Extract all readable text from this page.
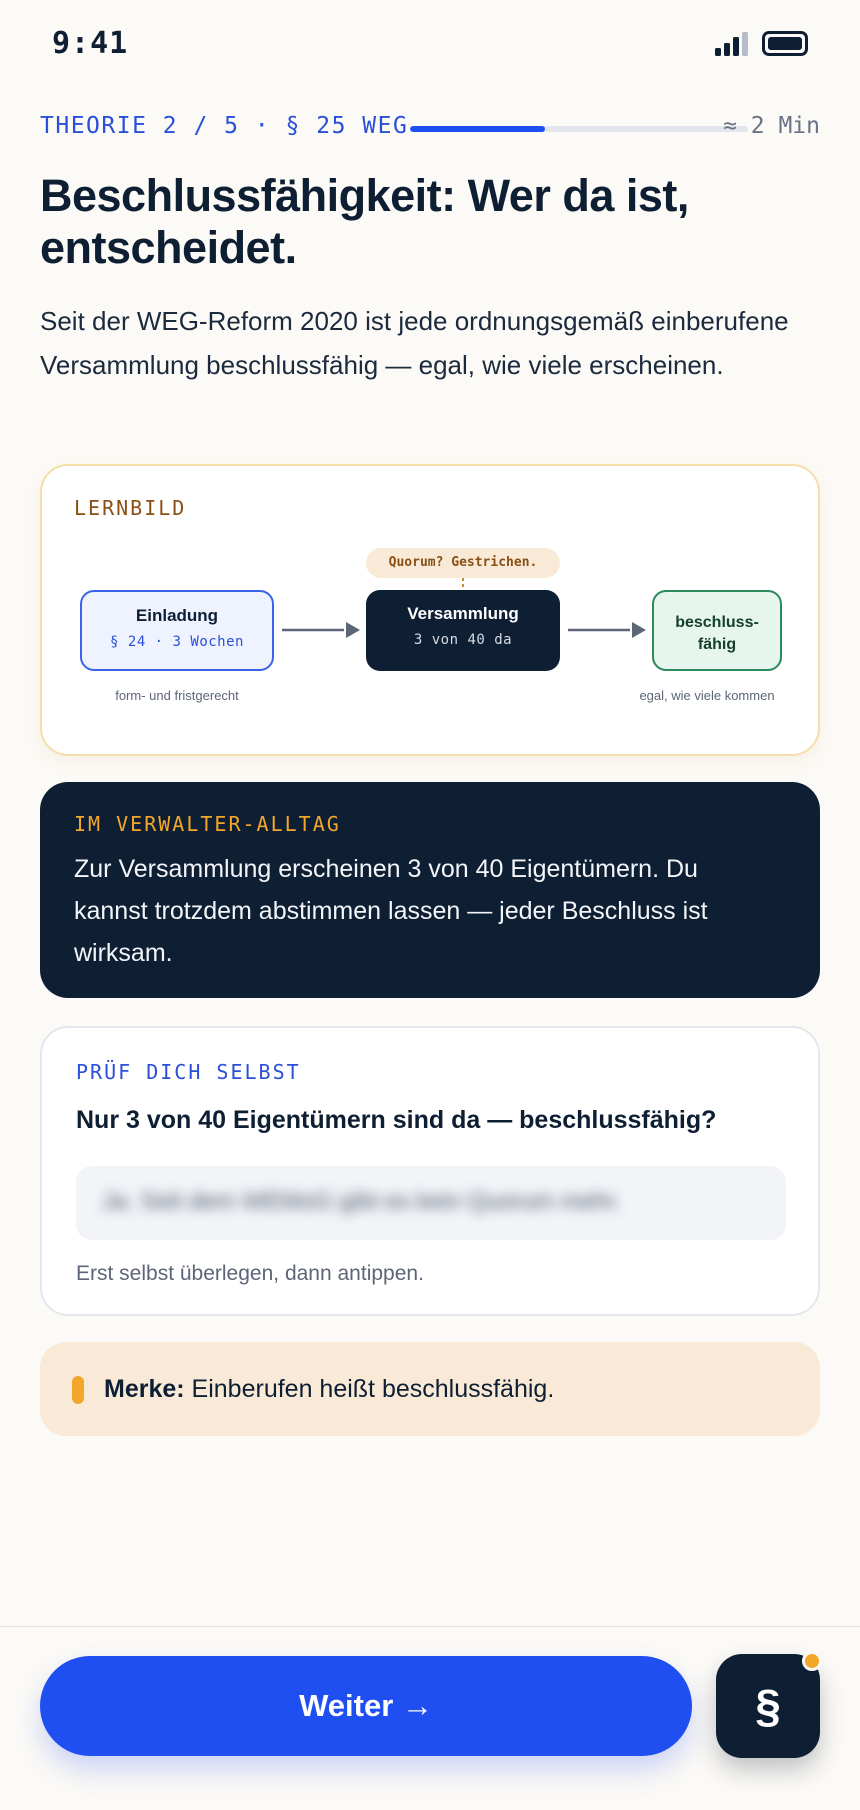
9:41
THEORIE 2 / 5 · § 25 WEG	≈ 2 Min
Beschlussfähigkeit: Wer da ist, entscheidet.

Seit der WEG-Reform 2020 ist jede ordnungsgemäß einberufene Versammlung beschlussfähig — egal, wie viele erscheinen.

LERNBILD
Quorum? Gestrichen.
Einladung
§ 24 · 3 Wochen
Versammlung
3 von 40 da
beschluss-
fähig
form- und fristgerecht	egal, wie viele kommen
IM VERWALTER-ALLTAG

Zur Versammlung erscheinen 3 von 40 Eigentümern. Du kannst trotzdem abstimmen lassen — jeder Beschluss ist wirksam.

PRÜF DICH SELBST
Nur 3 von 40 Eigentümern sind da — beschlussfähig?
Ja. Seit dem WEMoG gibt es kein Quorum mehr.
Erst selbst überlegen, dann antippen.
Merke: Einberufen heißt beschlussfähig.
Weiter →	§
